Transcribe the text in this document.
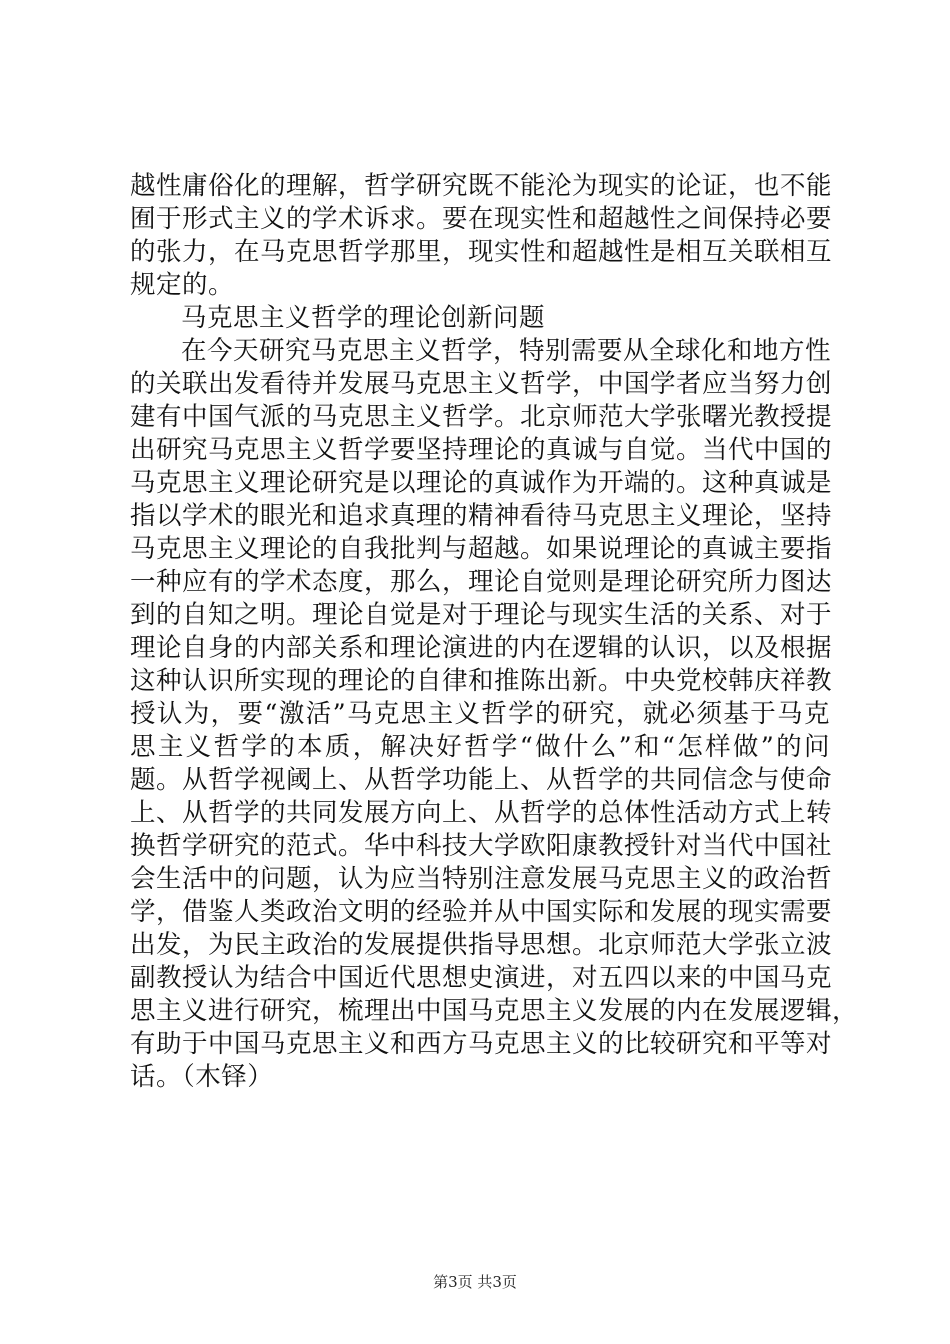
越性庸俗化的理解，哲学研究既不能沦为现实的论证，也不能
囿于形式主义的学术诉求。要在现实性和超越性之间保持必要
的张力，在马克思哲学那里，现实性和超越性是相互关联相互
规定的。
马克思主义哲学的理论创新问题
在今天研究马克思主义哲学，特别需要从全球化和地方性
的关联出发看待并发展马克思主义哲学，中国学者应当努力创
建有中国气派的马克思主义哲学。北京师范大学张曙光教授提
出研究马克思主义哲学要坚持理论的真诚与自觉。当代中国的
马克思主义理论研究是以理论的真诚作为开端的。这种真诚是
指以学术的眼光和追求真理的精神看待马克思主义理论，坚持
马克思主义理论的自我批判与超越。如果说理论的真诚主要指
一种应有的学术态度，那么，理论自觉则是理论研究所力图达
到的自知之明。理论自觉是对于理论与现实生活的关系、对于
理论自身的内部关系和理论演进的内在逻辑的认识，以及根据
这种认识所实现的理论的自律和推陈出新。中央党校韩庆祥教
授认为，要“激活”马克思主义哲学的研究，就必须基于马克
思主义哲学的本质，解决好哲学“做什么”和“怎样做”的问
题。从哲学视阈上、从哲学功能上、从哲学的共同信念与使命
上、从哲学的共同发展方向上、从哲学的总体性活动方式上转
换哲学研究的范式。华中科技大学欧阳康教授针对当代中国社
会生活中的问题，认为应当特别注意发展马克思主义的政治哲
学，借鉴人类政治文明的经验并从中国实际和发展的现实需要
出发，为民主政治的发展提供指导思想。北京师范大学张立波
副教授认为结合中国近代思想史演进，对五四以来的中国马克
思主义进行研究，梳理出中国马克思主义发展的内在发展逻辑，
有助于中国马克思主义和西方马克思主义的比较研究和平等对
话。（木铎）
第3页 共3页
